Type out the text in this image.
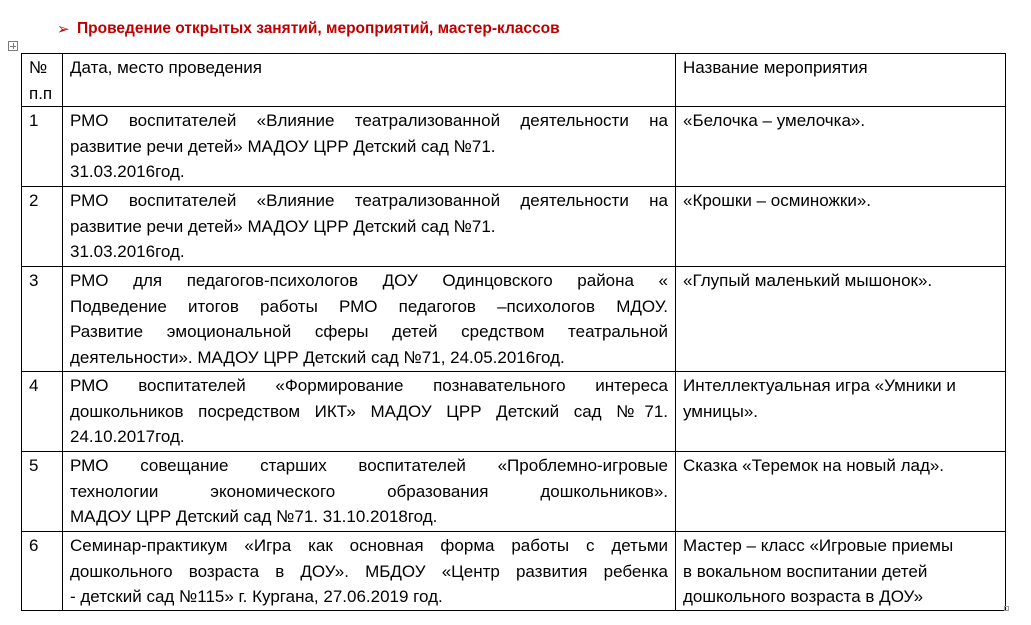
➢ Проведение открытых занятий, мероприятий, мастер-классов
№
п.п	Дата, место проведения	Название мероприятия
1	РМО воспитателей «Влияние театрализованной деятельности на
развитие речи детей» МАДОУ ЦРР Детский сад №71.
31.03.2016год.	«Белочка – умелочка».

2	РМО воспитателей «Влияние театрализованной деятельности на
развитие речи детей» МАДОУ ЦРР Детский сад №71.
31.03.2016год.	«Крошки – осминожки».

3	РМО для педагогов-психологов ДОУ Одинцовского района «
Подведение итогов работы РМО педагогов –психологов МДОУ.
Развитие эмоциональной сферы детей средством театральной
деятельности». МАДОУ ЦРР Детский сад №71, 24.05.2016год.	«Глупый маленький мышонок».

4	РМО воспитателей «Формирование познавательного интереса
дошкольников посредством ИКТ» МАДОУ ЦРР Детский сад №71.
24.10.2017год.	Интеллектуальная игра «Умники и
умницы».

5	РМО совещание старших воспитателей «Проблемно-игровые
технологии экономического образования дошкольников».
МАДОУ ЦРР Детский сад №71. 31.10.2018год.	Сказка «Теремок на новый лад».

6	Семинар-практикум «Игра как основная форма работы с детьми
дошкольного возраста в ДОУ». МБДОУ «Центр развития ребенка
- детский сад №115» г. Кургана, 27.06.2019 год.	Мастер – класс «Игровые приемы
в вокальном воспитании детей
дошкольного возраста в ДОУ»
